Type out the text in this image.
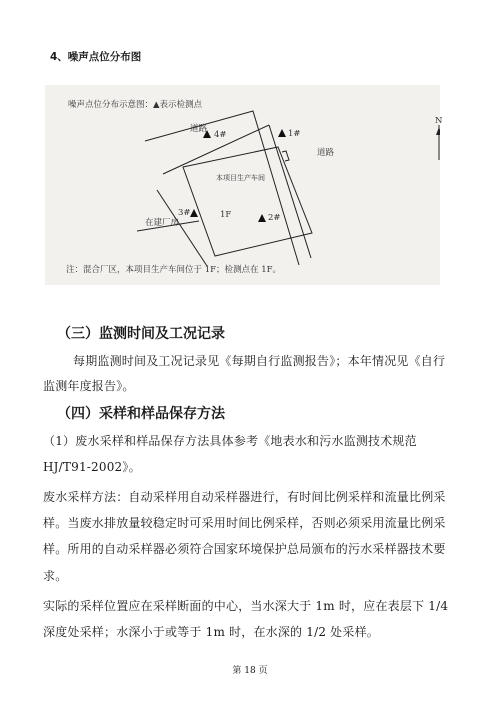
4、噪声点位分布图
噪声点位分布示意图：▲表示检测点
道路
道路
本项目生产车间
在建厂房
1F
4#	1#
3#	2#
N
注：混合厂区，本项目生产车间位于 1F；检测点在 1F。
（三）监测时间及工况记录
每期监测时间及工况记录见《每期自行监测报告》；本年情况见《自行
监测年度报告》。
（四）采样和样品保存方法
（1）废水采样和样品保存方法具体参考《地表水和污水监测技术规范
HJ/T91-2002》。
废水采样方法：自动采样用自动采样器进行，有时间比例采样和流量比例采
样。当废水排放量较稳定时可采用时间比例采样，否则必须采用流量比例采
样。所用的自动采样器必须符合国家环境保护总局颁布的污水采样器技术要
求。
实际的采样位置应在采样断面的中心，当水深大于 1m 时，应在表层下 1/4
深度处采样；水深小于或等于 1m 时，在水深的 1/2 处采样。
第 18 页
